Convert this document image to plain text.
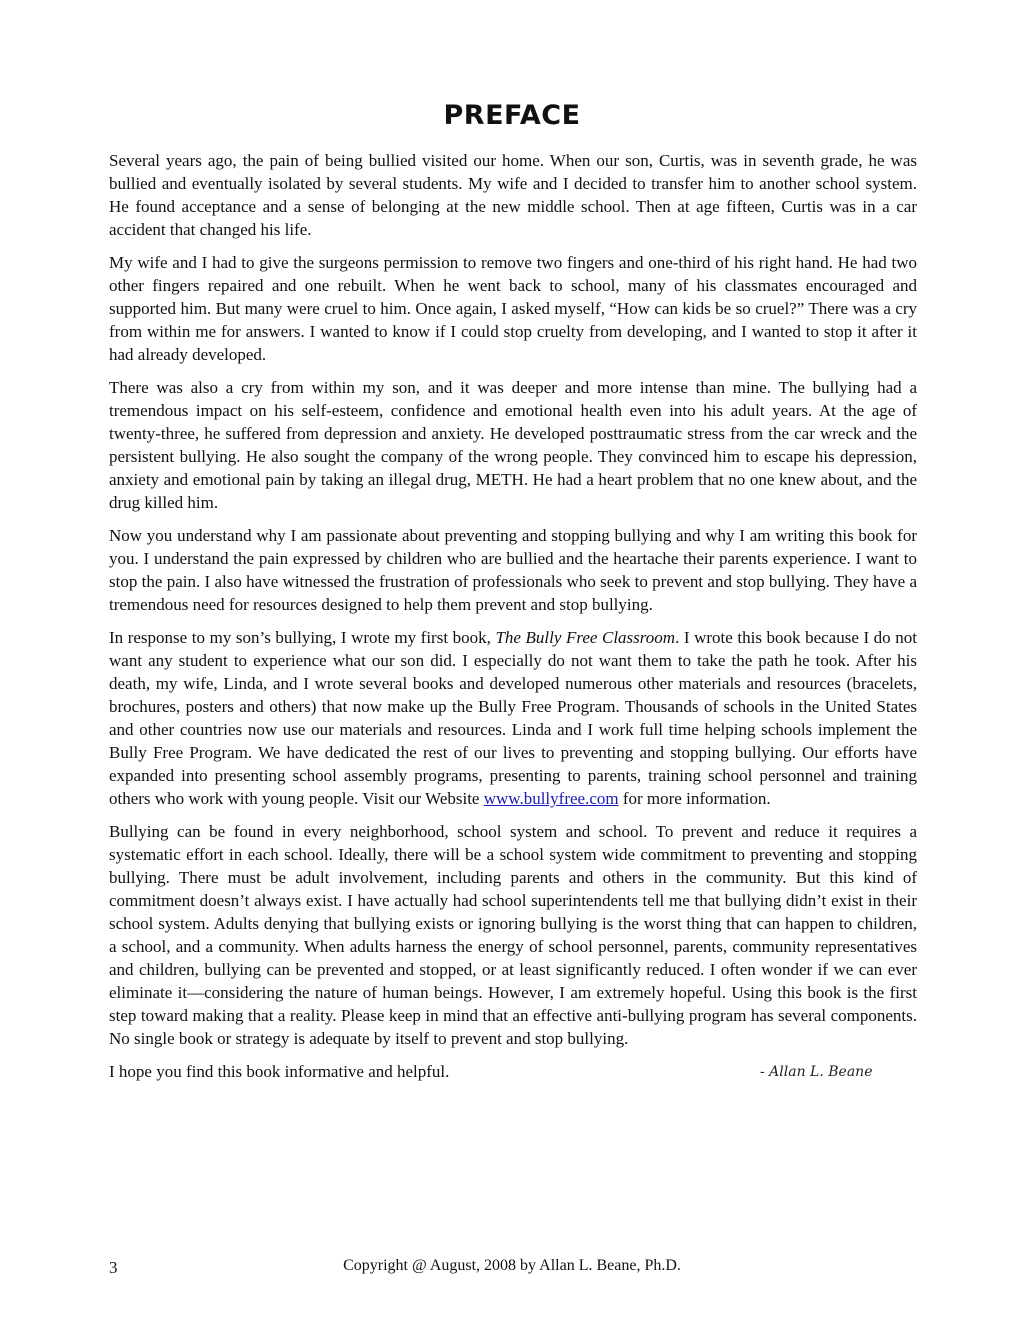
PREFACE

Several years ago, the pain of being bullied visited our home. When our son, Curtis, was in seventh grade, he was bullied and eventually isolated by several students. My wife and I decided to transfer him to another school system. He found acceptance and a sense of belonging at the new middle school. Then at age fifteen, Curtis was in a car accident that changed his life.

My wife and I had to give the surgeons permission to remove two fingers and one-third of his right hand. He had two other fingers repaired and one rebuilt. When he went back to school, many of his classmates encouraged and supported him. But many were cruel to him. Once again, I asked myself, “How can kids be so cruel?” There was a cry from within me for answers. I wanted to know if I could stop cruelty from developing, and I wanted to stop it after it had already developed.

There was also a cry from within my son, and it was deeper and more intense than mine. The bullying had a tremendous impact on his self-esteem, confidence and emotional health even into his adult years. At the age of twenty-three, he suffered from depression and anxiety. He developed posttraumatic stress from the car wreck and the persistent bullying. He also sought the company of the wrong people. They convinced him to escape his depression, anxiety and emotional pain by taking an illegal drug, METH. He had a heart problem that no one knew about, and the drug killed him.

Now you understand why I am passionate about preventing and stopping bullying and why I am writing this book for you. I understand the pain expressed by children who are bullied and the heartache their parents experience. I want to stop the pain. I also have witnessed the frustration of professionals who seek to prevent and stop bullying. They have a tremendous need for resources designed to help them prevent and stop bullying.

In response to my son’s bullying, I wrote my first book, The Bully Free Classroom. I wrote this book because I do not want any student to experience what our son did. I especially do not want them to take the path he took. After his death, my wife, Linda, and I wrote several books and developed numerous other materials and resources (bracelets, brochures, posters and others) that now make up the Bully Free Program. Thousands of schools in the United States and other countries now use our materials and resources. Linda and I work full time helping schools implement the Bully Free Program. We have dedicated the rest of our lives to preventing and stopping bullying. Our efforts have expanded into presenting school assembly programs, presenting to parents, training school personnel and training others who work with young people. Visit our Website www.bullyfree.com for more information.

Bullying can be found in every neighborhood, school system and school. To prevent and reduce it requires a systematic effort in each school. Ideally, there will be a school system wide commitment to preventing and stopping bullying. There must be adult involvement, including parents and others in the community. But this kind of commitment doesn’t always exist. I have actually had school superintendents tell me that bullying didn’t exist in their school system. Adults denying that bullying exists or ignoring bullying is the worst thing that can happen to children, a school, and a community. When adults harness the energy of school personnel, parents, community representatives and children, bullying can be prevented and stopped, or at least significantly reduced. I often wonder if we can ever eliminate it—considering the nature of human beings. However, I am extremely hopeful. Using this book is the first step toward making that a reality. Please keep in mind that an effective anti-bullying program has several components. No single book or strategy is adequate by itself to prevent and stop bullying.

I hope you find this book informative and helpful.	- Allan L. Beane

3	Copyright @ August, 2008 by Allan L. Beane, Ph.D.
